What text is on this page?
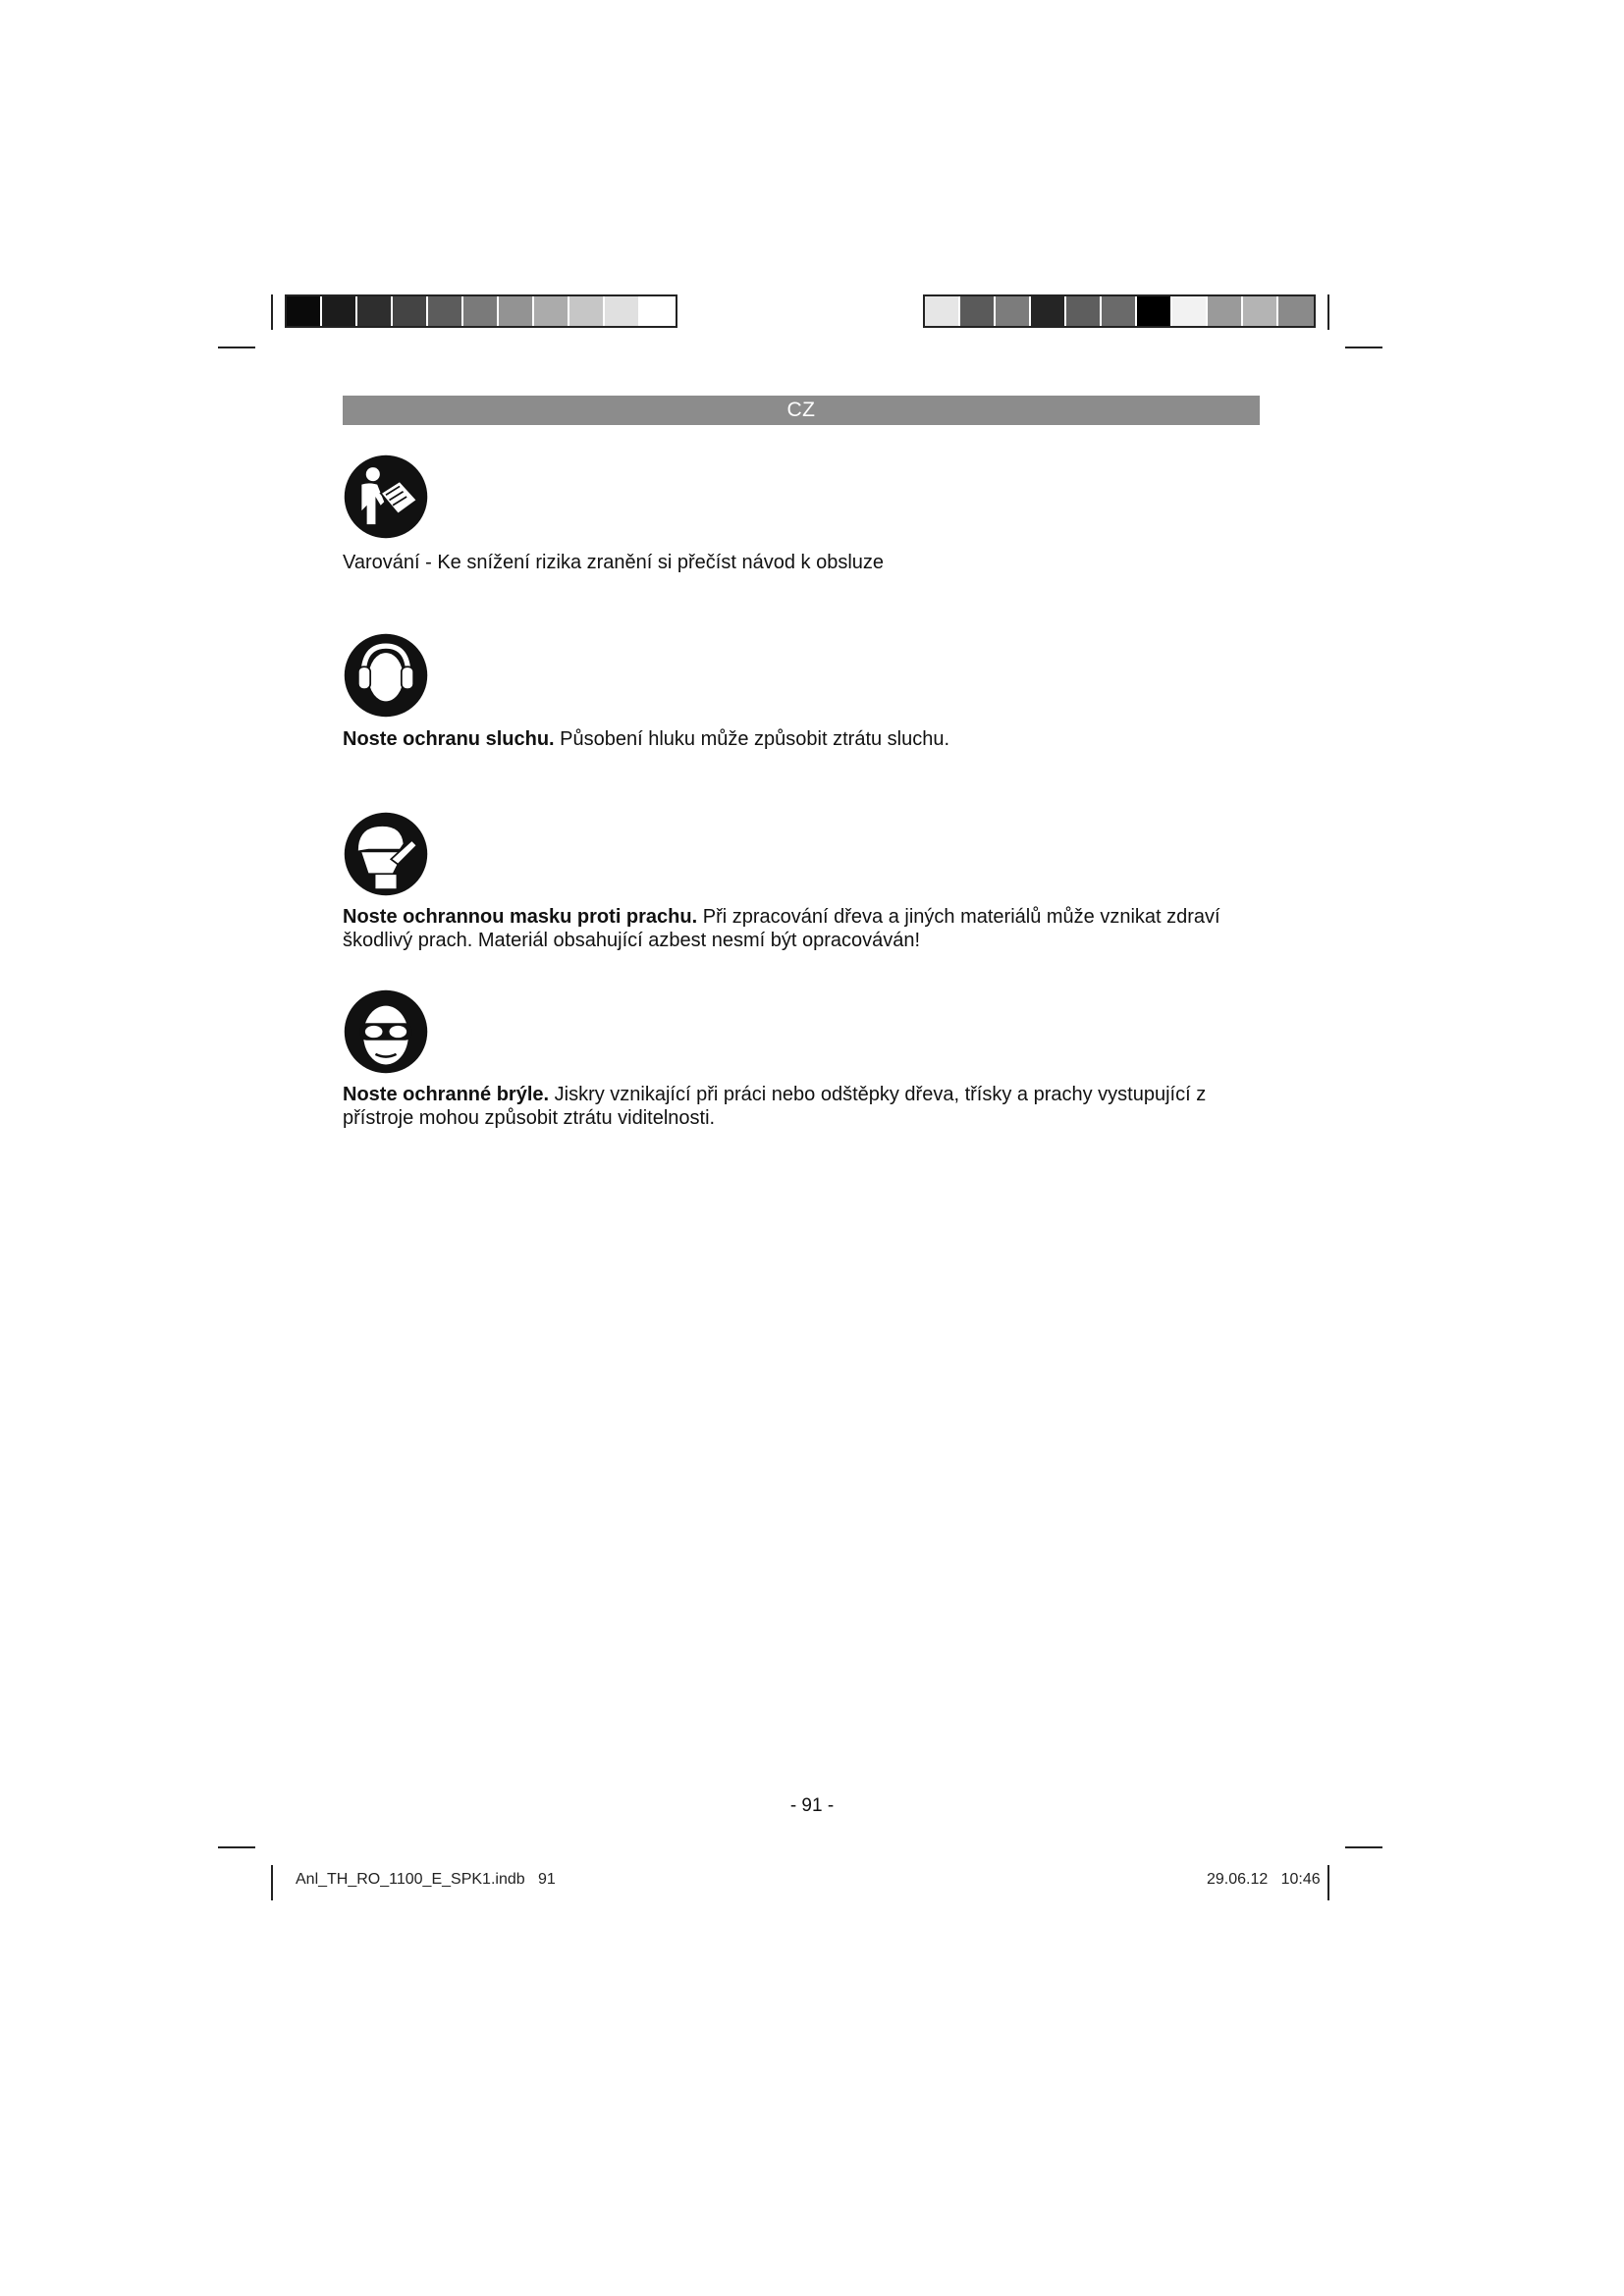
CZ
Varování - Ke snížení rizika zranění si přečíst návod k obsluze
Noste ochranu sluchu. Působení hluku může způsobit ztrátu sluchu.
Noste ochrannou masku proti prachu. Při zpracování dřeva a jiných materiálů může vznikat zdraví škodlivý prach. Materiál obsahující azbest nesmí být opracováván!
Noste ochranné brýle. Jiskry vznikající při práci nebo odštěpky dřeva, třísky a prachy vystupující z přístroje mohou způsobit ztrátu viditelnosti.
- 91 -
Anl_TH_RO_1100_E_SPK1.indb   91	29.06.12   10:46
